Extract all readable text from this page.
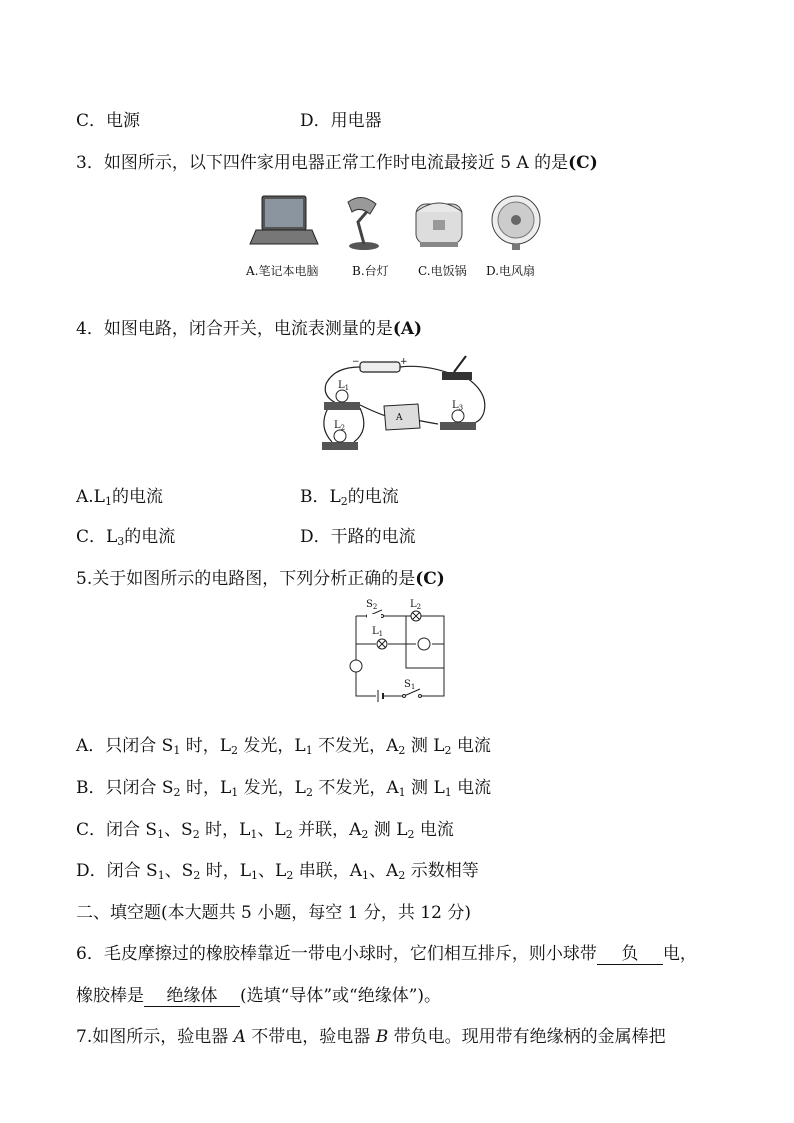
C．电源	D．用电器
3．如图所示，以下四件家用电器正常工作时电流最接近 5 A 的是(C)
A.笔记本电脑	B.台灯 C.电饭锅 D.电风扇
4．如图电路，闭合开关，电流表测量的是(A)
$L_1$
$L_2$
$L_3$
A
−	+
$A.L_1$的电流	B．$L_2$的电流
C．$L_3$的电流	D．干路的电流
5.关于如图所示的电路图，下列分析正确的是(C)
$S_2$	$L_2$
$L_1$
$S_1$
A．只闭合 $S_1$ 时，$L_2$ 发光，$L_1$ 不发光，$A_2$ 测 $L_2$ 电流
B．只闭合 $S_2$ 时，$L_1$ 发光，$L_2$ 不发光，$A_1$ 测 $L_1$ 电流
C．闭合 $S_1$、$S_2$ 时，$L_1$、$L_2$ 并联，$A_2$ 测 $L_2$ 电流
D．闭合 $S_1$、$S_2$ 时，$L_1$、$L_2$ 串联，$A_1$、$A_2$ 示数相等
二、填空题(本大题共 5 小题，每空 1 分，共 12 分)
6．毛皮摩擦过的橡胶棒靠近一带电小球时，它们相互排斥，则小球带 负 电，
橡胶棒是 绝缘体 (选填“导体”或“绝缘体”)。
7.如图所示，验电器 A 不带电，验电器 B 带负电。现用带有绝缘柄的金属棒把
